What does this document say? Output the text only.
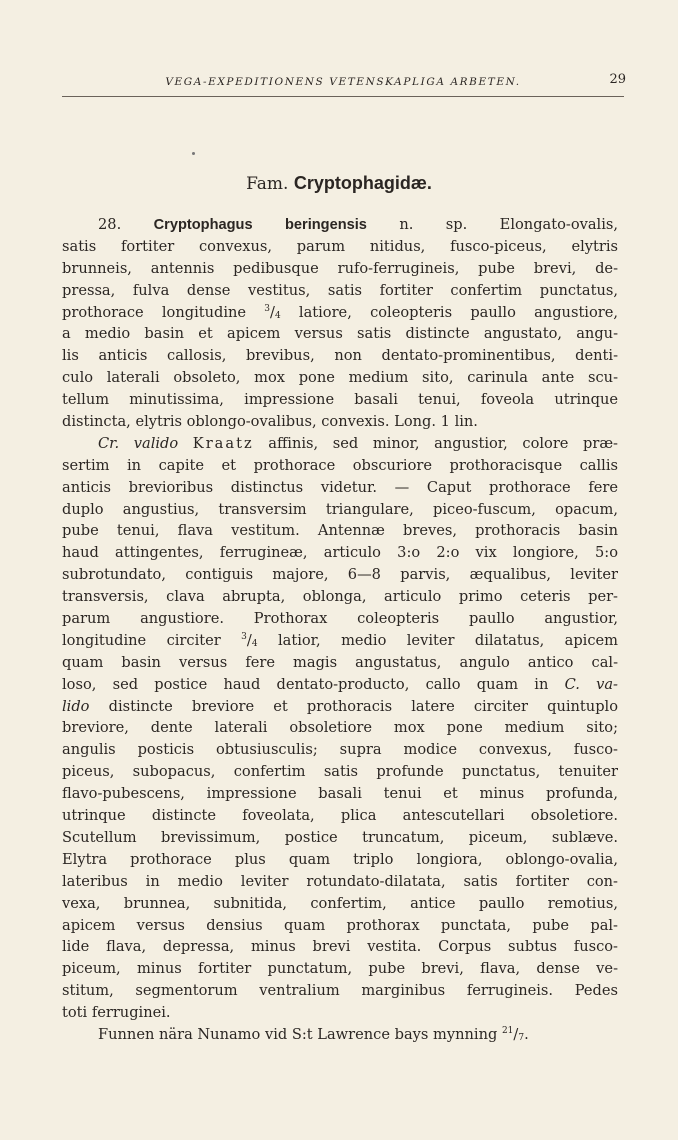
VEGA-EXPEDITIONENS VETENSKAPLIGA ARBETEN.	29
Fam. Cryptophagidæ.
28. Cryptophagus beringensis n. sp. Elongato-ovalis,
satis fortiter convexus, parum nitidus, fusco-piceus, elytris
brunneis, antennis pedibusque rufo-ferrugineis, pube brevi, de-
pressa, fulva dense vestitus, satis fortiter confertim punctatus,
prothorace longitudine $^3/_4$ latiore, coleopteris paullo angustiore,
a medio basin et apicem versus satis distincte angustato, angu-
lis anticis callosis, brevibus, non dentato-prominentibus, denti-
culo laterali obsoleto, mox pone medium sito, carinula ante scu-
tellum minutissima, impressione basali tenui, foveola utrinque
distincta, elytris oblongo-ovalibus, convexis. Long. 1 lin.
Cr. valido Kraatz affinis, sed minor, angustior, colore præ-
sertim in capite et prothorace obscuriore prothoracisque callis
anticis brevioribus distinctus videtur. — Caput prothorace fere
duplo angustius, transversim triangulare, piceo-fuscum, opacum,
pube tenui, flava vestitum. Antennæ breves, prothoracis basin
haud attingentes, ferrugineæ, articulo 3:o 2:o vix longiore, 5:o
subrotundato, contiguis majore, 6—8 parvis, æqualibus, leviter
transversis, clava abrupta, oblonga, articulo primo ceteris per-
parum angustiore. Prothorax coleopteris paullo angustior,
longitudine circiter $^3/_4$ latior, medio leviter dilatatus, apicem
quam basin versus fere magis angustatus, angulo antico cal-
loso, sed postice haud dentato-producto, callo quam in C. va-
lido distincte breviore et prothoracis latere circiter quintuplo
breviore, dente laterali obsoletiore mox pone medium sito;
angulis posticis obtusiusculis; supra modice convexus, fusco-
piceus, subopacus, confertim satis profunde punctatus, tenuiter
flavo-pubescens, impressione basali tenui et minus profunda,
utrinque distincte foveolata, plica antescutellari obsoletiore.
Scutellum brevissimum, postice truncatum, piceum, sublæve.
Elytra prothorace plus quam triplo longiora, oblongo-ovalia,
lateribus in medio leviter rotundato-dilatata, satis fortiter con-
vexa, brunnea, subnitida, confertim, antice paullo remotius,
apicem versus densius quam prothorax punctata, pube pal-
lide flava, depressa, minus brevi vestita. Corpus subtus fusco-
piceum, minus fortiter punctatum, pube brevi, flava, dense ve-
stitum, segmentorum ventralium marginibus ferrugineis. Pedes
toti ferruginei.
Funnen nära Nunamo vid S:t Lawrence bays mynning $^{21}/_7$.
